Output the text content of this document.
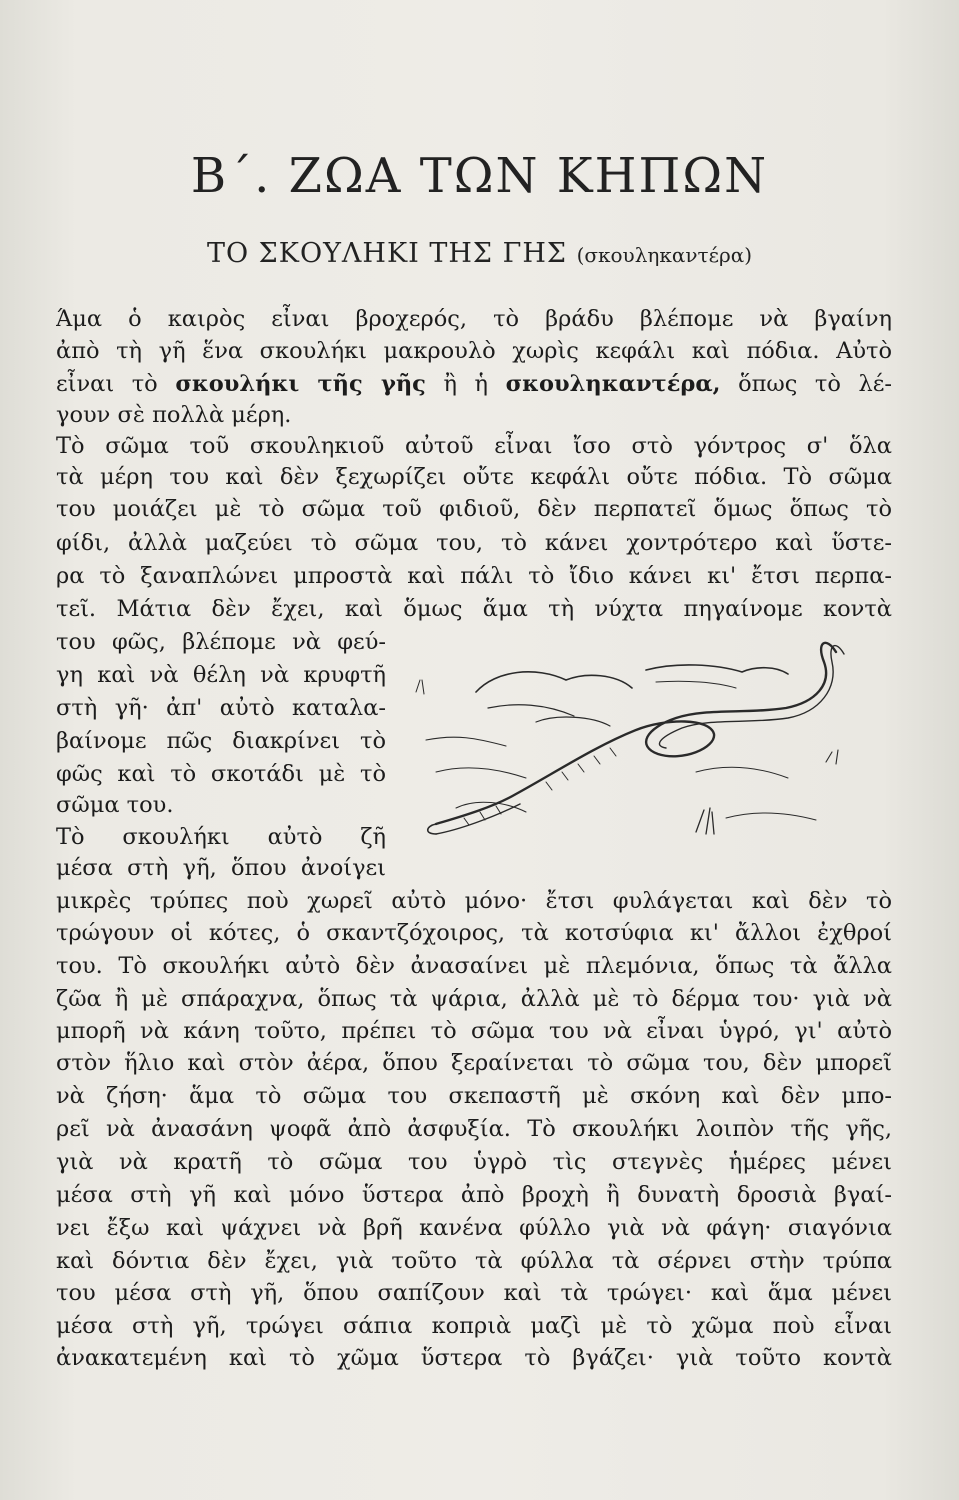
Β΄. ΖΩΑ ΤΩΝ ΚΗΠΩΝ
ΤΟ ΣΚΟΥΛΗΚΙ ΤΗΣ ΓΗΣ (σκουληκαντέρα)
Άμα ὁ καιρὸς εἶναι βροχερός, τὸ βράδυ βλέπομε νὰ βγαίνη
ἀπὸ τὴ γῆ ἕνα σκουλήκι μακρουλὸ χωρὶς κεφάλι καὶ πόδια. Αὐτὸ
εἶναι τὸ σκουλήκι τῆς γῆς ἢ ἡ σκουληκαντέρα, ὅπως τὸ λέ-
γουν σὲ πολλὰ μέρη.
Τὸ σῶμα τοῦ σκουληκιοῦ αὐτοῦ εἶναι ἴσο στὸ γόντρος σ' ὅλα
τὰ μέρη του καὶ δὲν ξεχωρίζει οὔτε κεφάλι οὔτε πόδια. Τὸ σῶμα
του μοιάζει μὲ τὸ σῶμα τοῦ φιδιοῦ, δὲν περπατεῖ ὅμως ὅπως τὸ
φίδι, ἀλλὰ μαζεύει τὸ σῶμα του, τὸ κάνει χοντρότερο καὶ ὕστε-
ρα τὸ ξαναπλώνει μπροστὰ καὶ πάλι τὸ ἴδιο κάνει κι' ἔτσι περπα-
τεῖ. Μάτια δὲν ἔχει, καὶ ὅμως ἅμα τὴ νύχτα πηγαίνομε κοντὰ
του φῶς, βλέπομε νὰ φεύ-
γη καὶ νὰ θέλη νὰ κρυφτῆ
στὴ γῆ· ἀπ' αὐτὸ καταλα-
βαίνομε πῶς διακρίνει τὸ
φῶς καὶ τὸ σκοτάδι μὲ τὸ
σῶμα του.
Τὸ σκουλήκι αὐτὸ ζῆ
μέσα στὴ γῆ, ὅπου ἀνοίγει
μικρὲς τρύπες ποὺ χωρεῖ αὐτὸ μόνο· ἔτσι φυλάγεται καὶ δὲν τὸ
τρώγουν οἱ κότες, ὁ σκαντζόχοιρος, τὰ κοτσύφια κι' ἄλλοι ἐχθροί
του. Τὸ σκουλήκι αὐτὸ δὲν ἀνασαίνει μὲ πλεμόνια, ὅπως τὰ ἄλλα
ζῶα ἢ μὲ σπάραχνα, ὅπως τὰ ψάρια, ἀλλὰ μὲ τὸ δέρμα του· γιὰ νὰ
μπορῆ νὰ κάνη τοῦτο, πρέπει τὸ σῶμα του νὰ εἶναι ὑγρό, γι' αὐτὸ
στὸν ἥλιο καὶ στὸν ἀέρα, ὅπου ξεραίνεται τὸ σῶμα του, δὲν μπορεῖ
νὰ ζήση· ἅμα τὸ σῶμα του σκεπαστῆ μὲ σκόνη καὶ δὲν μπο-
ρεῖ νὰ ἀνασάνη ψοφᾶ ἀπὸ ἀσφυξία. Τὸ σκουλήκι λοιπὸν τῆς γῆς,
γιὰ νὰ κρατῆ τὸ σῶμα του ὑγρὸ τὶς στεγνὲς ἡμέρες μένει
μέσα στὴ γῆ καὶ μόνο ὕστερα ἀπὸ βροχὴ ἢ δυνατὴ δροσιὰ βγαί-
νει ἔξω καὶ ψάχνει νὰ βρῆ κανένα φύλλο γιὰ νὰ φάγη· σιαγόνια
καὶ δόντια δὲν ἔχει, γιὰ τοῦτο τὰ φύλλα τὰ σέρνει στὴν τρύπα
του μέσα στὴ γῆ, ὅπου σαπίζουν καὶ τὰ τρώγει· καὶ ἅμα μένει
μέσα στὴ γῆ, τρώγει σάπια κοπριὰ μαζὶ μὲ τὸ χῶμα ποὺ εἶναι
ἀνακατεμένη καὶ τὸ χῶμα ὕστερα τὸ βγάζει· γιὰ τοῦτο κοντὰ
